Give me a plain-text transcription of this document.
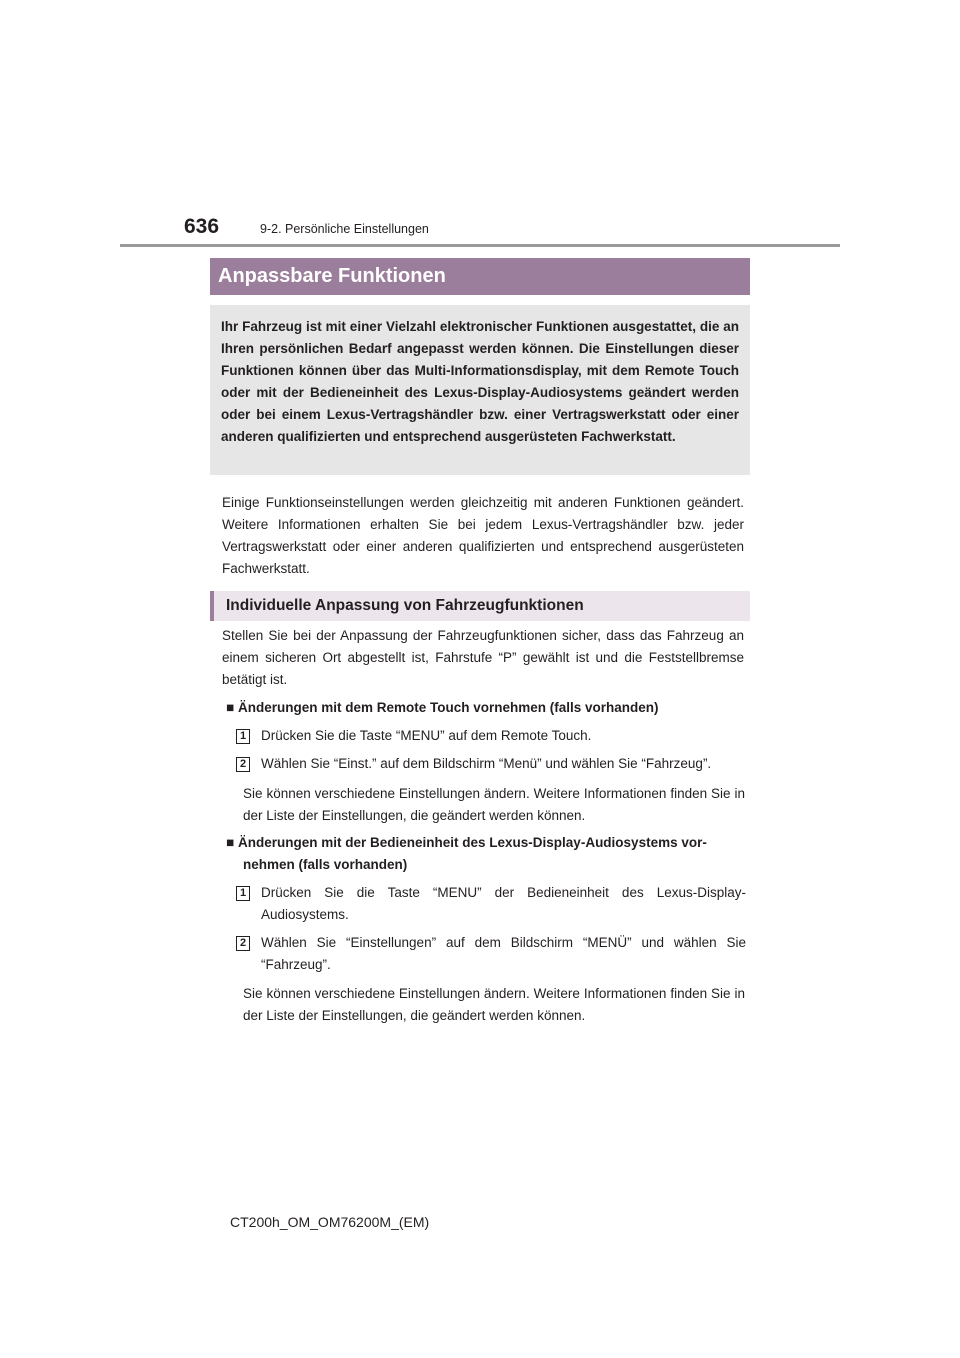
636	9-2. Persönliche Einstellungen
Anpassbare Funktionen
Ihr Fahrzeug ist mit einer Vielzahl elektronischer Funktionen ausgestattet, die an Ihren persönlichen Bedarf angepasst werden können. Die Einstellungen dieser Funktionen können über das Multi-Informationsdisplay, mit dem Remote Touch oder mit der Bedieneinheit des Lexus-Display-Audiosystems geändert werden oder bei einem Lexus-Vertragshändler bzw. einer Vertragswerkstatt oder einer anderen qualifizierten und entsprechend ausgerüsteten Fachwerkstatt.
Einige Funktionseinstellungen werden gleichzeitig mit anderen Funktionen geändert. Weitere Informationen erhalten Sie bei jedem Lexus-Vertragshändler bzw. jeder Vertragswerkstatt oder einer anderen qualifizierten und entsprechend ausgerüsteten Fachwerkstatt.
Individuelle Anpassung von Fahrzeugfunktionen
Stellen Sie bei der Anpassung der Fahrzeugfunktionen sicher, dass das Fahrzeug an einem sicheren Ort abgestellt ist, Fahrstufe “P” gewählt ist und die Feststellbremse betätigt ist.
■ Änderungen mit dem Remote Touch vornehmen (falls vorhanden)
1 Drücken Sie die Taste “MENU” auf dem Remote Touch.
2 Wählen Sie “Einst.” auf dem Bildschirm “Menü” und wählen Sie “Fahrzeug”.
Sie können verschiedene Einstellungen ändern. Weitere Informationen finden Sie in der Liste der Einstellungen, die geändert werden können.
■ Änderungen mit der Bedieneinheit des Lexus-Display-Audiosystems vor-
nehmen (falls vorhanden)
1 Drücken Sie die Taste “MENU” der Bedieneinheit des Lexus-Display-Audiosystems.
2 Wählen Sie “Einstellungen” auf dem Bildschirm “MENÜ” und wählen Sie “Fahrzeug”.
Sie können verschiedene Einstellungen ändern. Weitere Informationen finden Sie in der Liste der Einstellungen, die geändert werden können.
CT200h_OM_OM76200M_(EM)
